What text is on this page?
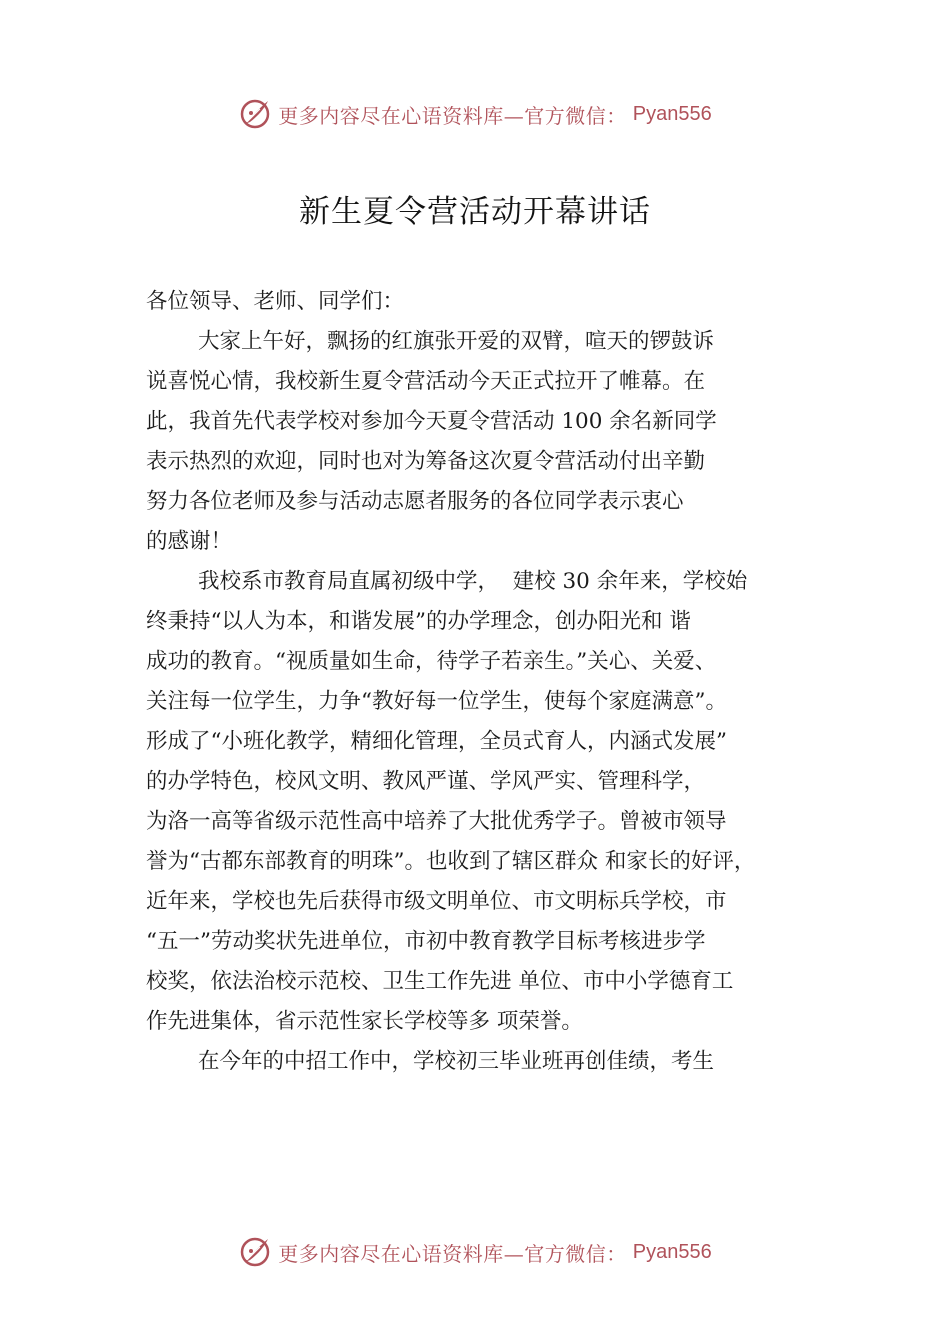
更多内容尽在心语资料库—官方微信： Pyan556
新生夏令营活动开幕讲话
各位领导、老师、同学们：
大家上午好，飘扬的红旗张开爱的双臂，喧天的锣鼓诉
说喜悦心情，我校新生夏令营活动今天正式拉开了帷幕。在
此，我首先代表学校对参加今天夏令营活动 100 余名新同学
表示热烈的欢迎，同时也对为筹备这次夏令营活动付出辛勤
努力各位老师及参与活动志愿者服务的各位同学表示衷心
的感谢！
我校系市教育局直属初级中学，  建校 30 余年来，学校始
终秉持“以人为本，和谐发展”的办学理念，创办阳光和 谐
成功的教育。“视质量如生命，待学子若亲生。”关心、关爱、
关注每一位学生，力争“教好每一位学生，使每个家庭满意”。
形成了“小班化教学，精细化管理，全员式育人，内涵式发展”
的办学特色，校风文明、教风严谨、学风严实、管理科学，
为洛一高等省级示范性高中培养了大批优秀学子。曾被市领导
誉为“古都东部教育的明珠”。也收到了辖区群众 和家长的好评，
近年来，学校也先后获得市级文明单位、市文明标兵学校，市
“五一”劳动奖状先进单位，市初中教育教学目标考核进步学
校奖，依法治校示范校、卫生工作先进 单位、市中小学德育工
作先进集体，省示范性家长学校等多 项荣誉。
在今年的中招工作中，学校初三毕业班再创佳绩，考生
更多内容尽在心语资料库—官方微信： Pyan556
